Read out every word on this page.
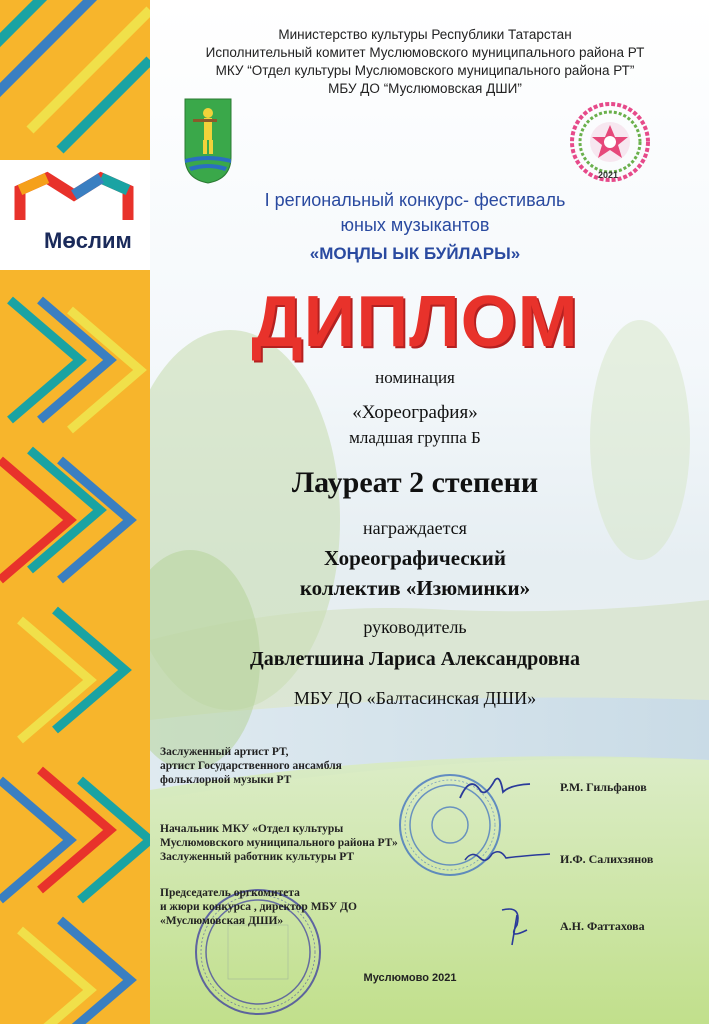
Мөслим
Министерство культуры Республики Татарстан
Исполнительный комитет Муслюмовского муниципального района РТ
МКУ “Отдел культуры Муслюмовского муниципального района РТ”
МБУ ДО “Муслюмовская ДШИ”
2021
I региональный конкурс- фестиваль
юных музыкантов
«МОҢЛЫ ЫК БУЙЛАРЫ»
ДИПЛОМ
номинация
«Хореография»
младшая группа Б
Лауреат 2 степени
награждается
Хореографический
коллектив «Изюминки»
руководитель
Давлетшина Лариса Александровна
МБУ ДО «Балтасинская ДШИ»
Заслуженный артист РТ,
артист Государственного ансамбля
фольклорной музыки РТ	Р.М. Гильфанов
Начальник МКУ «Отдел культуры
Муслюмовского муниципального района РТ»
Заслуженный работник культуры РТ	И.Ф. Салихзянов
Председатель оргкомитета
и жюри конкурса , директор МБУ ДО
«Муслюмовская ДШИ»	А.Н. Фаттахова
Муслюмово 2021
